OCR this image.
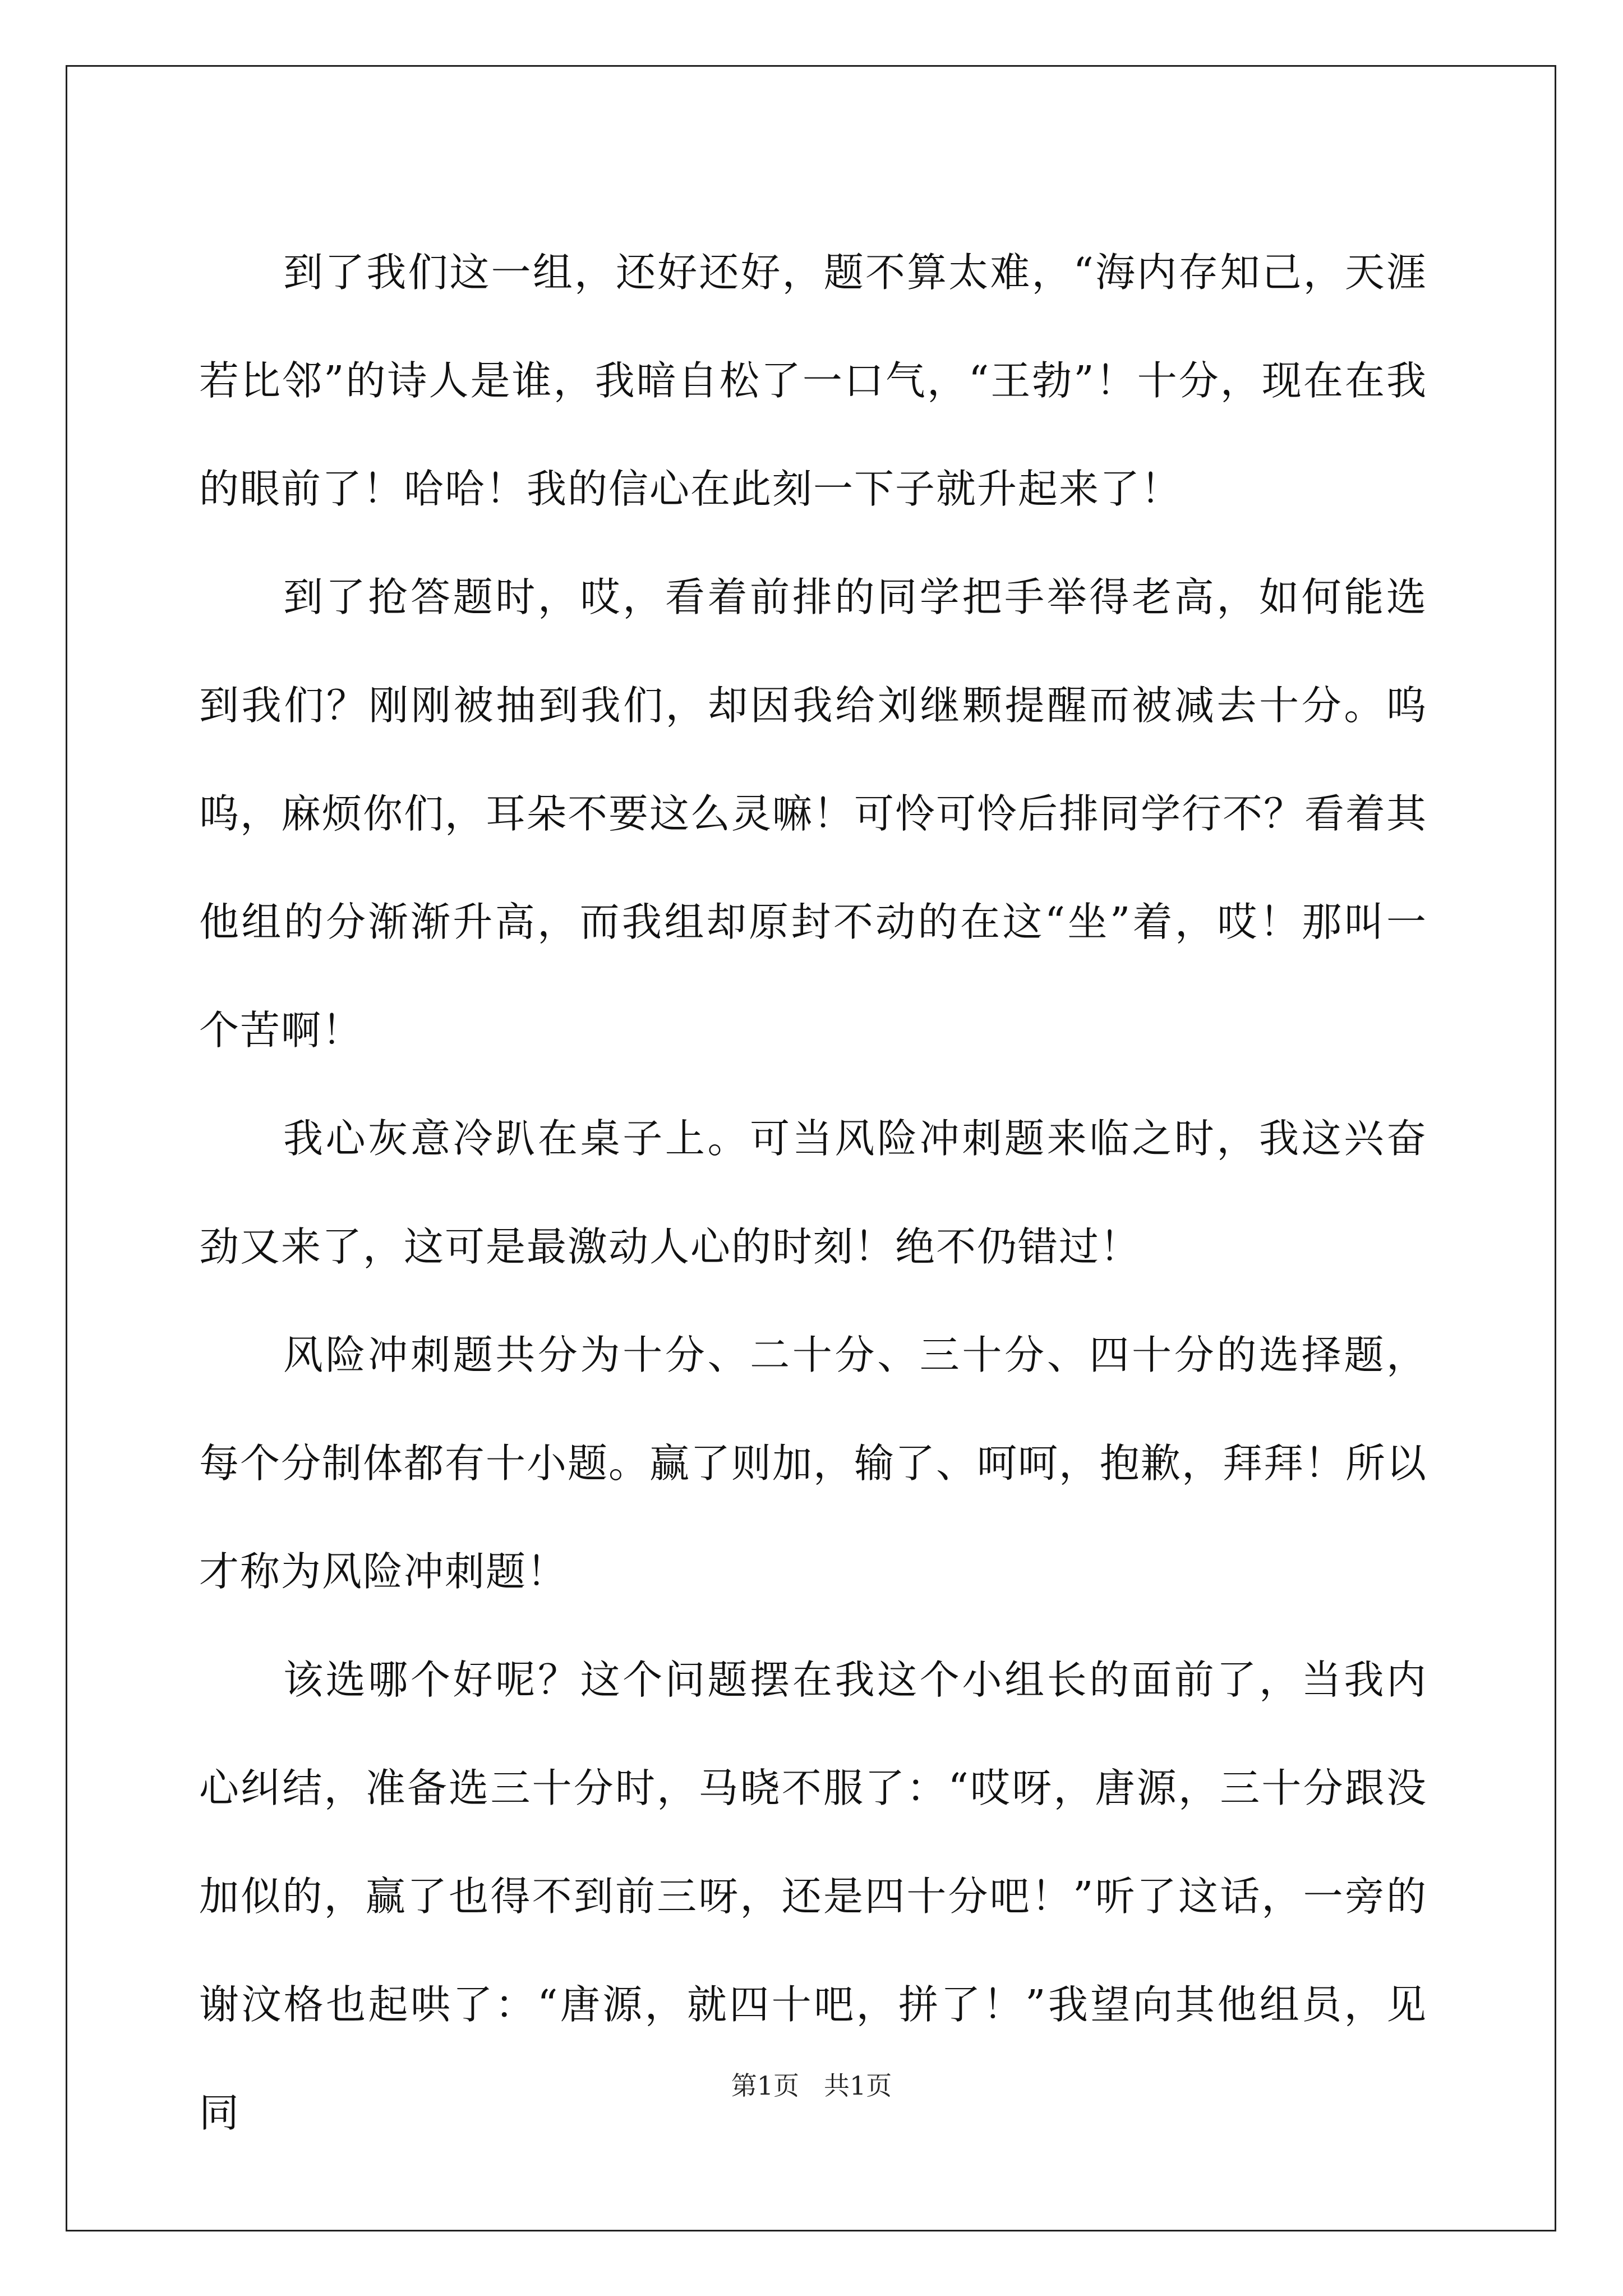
到了我们这一组，还好还好，题不算太难，“海内存知己，天涯若比邻”的诗人是谁，我暗自松了一口气，“王勃”！十分，现在在我的眼前了！哈哈！我的信心在此刻一下子就升起来了！

到了抢答题时，哎，看着前排的同学把手举得老高，如何能选到我们？刚刚被抽到我们，却因我给刘继颗提醒而被减去十分。呜呜，麻烦你们，耳朵不要这么灵嘛！可怜可怜后排同学行不？看着其他组的分渐渐升高，而我组却原封不动的在这“坐”着，哎！那叫一个苦啊！

我心灰意冷趴在桌子上。可当风险冲刺题来临之时，我这兴奋劲又来了，这可是最激动人心的时刻！绝不仍错过！

风险冲刺题共分为十分、二十分、三十分、四十分的选择题，每个分制体都有十小题。赢了则加，输了、呵呵，抱歉，拜拜！所以才称为风险冲刺题！

该选哪个好呢？这个问题摆在我这个小组长的面前了，当我内心纠结，准备选三十分时，马晓不服了：“哎呀，唐源，三十分跟没加似的，赢了也得不到前三呀，还是四十分吧！”听了这话，一旁的谢汶格也起哄了：“唐源，就四十吧，拼了！”我望向其他组员，见同

第1页 共1页
